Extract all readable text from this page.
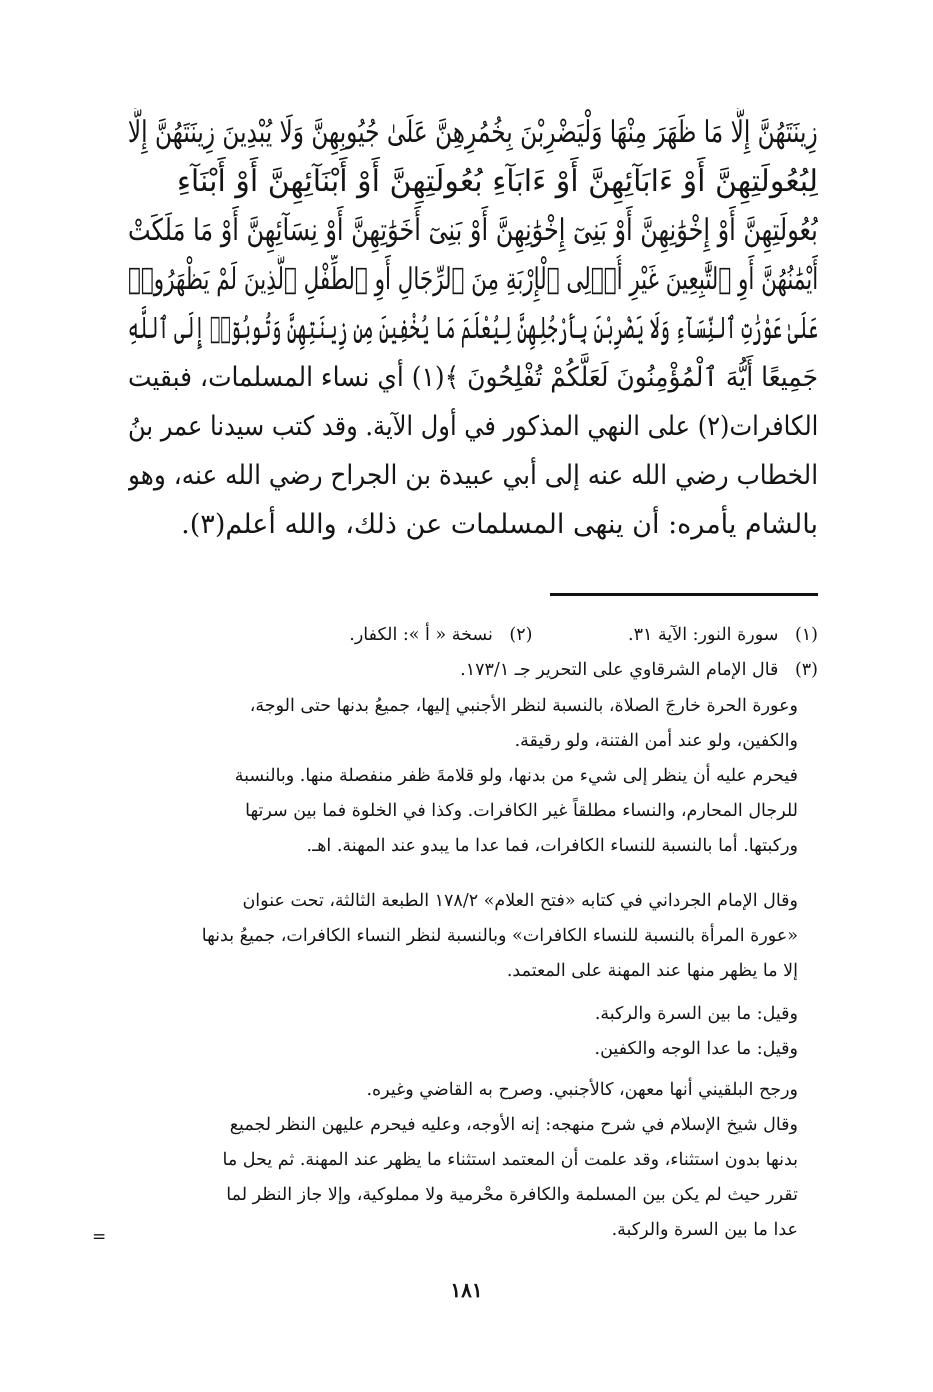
زِينَتَهُنَّ إِلَّا مَا ظَهَرَ مِنْهَا وَلْيَضْرِبْنَ بِخُمُرِهِنَّ عَلَىٰ جُيُوبِهِنَّ وَلَا يُبْدِينَ زِينَتَهُنَّ إِلَّا
لِبُعُولَتِهِنَّ أَوْ ءَابَآئِهِنَّ أَوْ ءَابَآءِ بُعُولَتِهِنَّ أَوْ أَبْنَآئِهِنَّ أَوْ أَبْنَآءِ
بُعُولَتِهِنَّ أَوْ إِخْوَٰنِهِنَّ أَوْ بَنِىٓ إِخْوَٰنِهِنَّ أَوْ بَنِىٓ أَخَوَٰتِهِنَّ أَوْ نِسَآئِهِنَّ أَوْ مَا مَلَكَتْ
أَيْمَٰنُهُنَّ أَوِ ٱلتَّٰبِعِينَ غَيْرِ أُو۟لِى ٱلْإِرْبَةِ مِنَ ٱلرِّجَالِ أَوِ ٱلطِّفْلِ ٱلَّذِينَ لَمْ يَظْهَرُوا۟
عَلَىٰ عَوْرَٰتِ ٱلنِّسَآءِ وَلَا يَضْرِبْنَ بِأَرْجُلِهِنَّ لِيُعْلَمَ مَا يُخْفِينَ مِن زِينَتِهِنَّ وَتُوبُوٓا۟ إِلَى ٱللَّهِ
جَمِيعًا أَيُّهَ ٱلْمُؤْمِنُونَ لَعَلَّكُمْ تُفْلِحُونَ ﴾(١) أي نساء المسلمات، فبقيت
الكافرات(٢) على النهي المذكور في أول الآية. وقد كتب سيدنا عمر بنُ
الخطاب رضي الله عنه إلى أبي عبيدة بن الجراح رضي الله عنه، وهو
بالشام يأمره: أن ينهى المسلمات عن ذلك، والله أعلم(٣).
(١) سورة النور: الآية ٣١. (٢) نسخة « أ »: الكفار.
(٣) قال الإمام الشرقاوي على التحرير جـ ١٧٣/١.
وعورة الحرة خارجَ الصلاة، بالنسبة لنظر الأجنبي إليها، جميعُ بدنها حتى الوجهَ،
والكفين، ولو عند أمن الفتنة، ولو رقيقة.
فيحرم عليه أن ينظر إلى شيء من بدنها، ولو قلامةَ ظفر منفصلة منها. وبالنسبة
للرجال المحارم، والنساء مطلقاً غير الكافرات. وكذا في الخلوة فما بين سرتها
وركبتها. أما بالنسبة للنساء الكافرات، فما عدا ما يبدو عند المهنة. اهـ.
وقال الإمام الجرداني في كتابه «فتح العلام» ١٧٨/٢ الطبعة الثالثة، تحت عنوان
«عورة المرأة بالنسبة للنساء الكافرات» وبالنسبة لنظر النساء الكافرات، جميعُ بدنها
إلا ما يظهر منها عند المهنة على المعتمد.
وقيل: ما بين السرة والركبة.
وقيل: ما عدا الوجه والكفين.
ورجح البلقيني أنها معهن، كالأجنبي. وصرح به القاضي وغيره.
وقال شيخ الإسلام في شرح منهجه: إنه الأوجه، وعليه فيحرم عليهن النظر لجميع
بدنها بدون استثناء، وقد علمت أن المعتمد استثناء ما يظهر عند المهنة. ثم يحل ما
تقرر حيث لم يكن بين المسلمة والكافرة محْرمية ولا مملوكية، وإلا جاز النظر لما
عدا ما بين السرة والركبة.
=
١٨١
